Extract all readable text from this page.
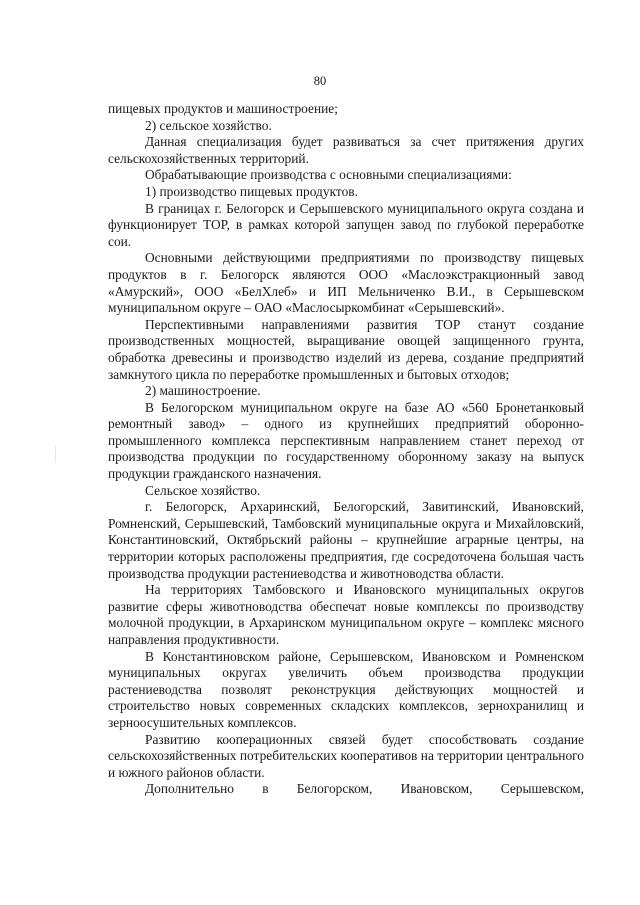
80

пищевых продуктов и машиностроение;

2) сельское хозяйство.

Данная специализация будет развиваться за счет притяжения других сельскохозяйственных территорий.

Обрабатывающие производства с основными специализациями:

1) производство пищевых продуктов.

В границах г. Белогорск и Серышевского муниципального округа создана и функционирует ТОР, в рамках которой запущен завод по глубокой переработке сои.

Основными действующими предприятиями по производству пищевых продуктов в г. Белогорск являются ООО «Маслоэкстракционный завод «Амурский», ООО «БелХлеб» и ИП Мельниченко В.И., в Серышевском муниципальном округе – ОАО «Маслосыркомбинат «Серышевский».

Перспективными направлениями развития ТОР станут создание производственных мощностей, выращивание овощей защищенного грунта, обработка древесины и производство изделий из дерева, создание предприятий замкнутого цикла по переработке промышленных и бытовых отходов;

2) машиностроение.

В Белогорском муниципальном округе на базе АО «560 Бронетанковый ремонтный завод» – одного из крупнейших предприятий оборонно-промышленного комплекса перспективным направлением станет переход от производства продукции по государственному оборонному заказу на выпуск продукции гражданского назначения.

Сельское хозяйство.

г. Белогорск, Архаринский, Белогорский, Завитинский, Ивановский, Ромненский, Серышевский, Тамбовский муниципальные округа и Михайловский, Константиновский, Октябрьский районы – крупнейшие аграрные центры, на территории которых расположены предприятия, где сосредоточена большая часть производства продукции растениеводства и животноводства области.

На территориях Тамбовского и Ивановского муниципальных округов развитие сферы животноводства обеспечат новые комплексы по производству молочной продукции, в Архаринском муниципальном округе – комплекс мясного направления продуктивности.

В Константиновском районе, Серышевском, Ивановском и Ромненском муниципальных округах увеличить объем производства продукции растениеводства позволят реконструкция действующих мощностей и строительство новых современных складских комплексов, зернохранилищ и зерноосушительных комплексов.

Развитию кооперационных связей будет способствовать создание сельскохозяйственных потребительских кооперативов на территории центрального и южного районов области.

Дополнительно в Белогорском, Ивановском, Серышевском,
